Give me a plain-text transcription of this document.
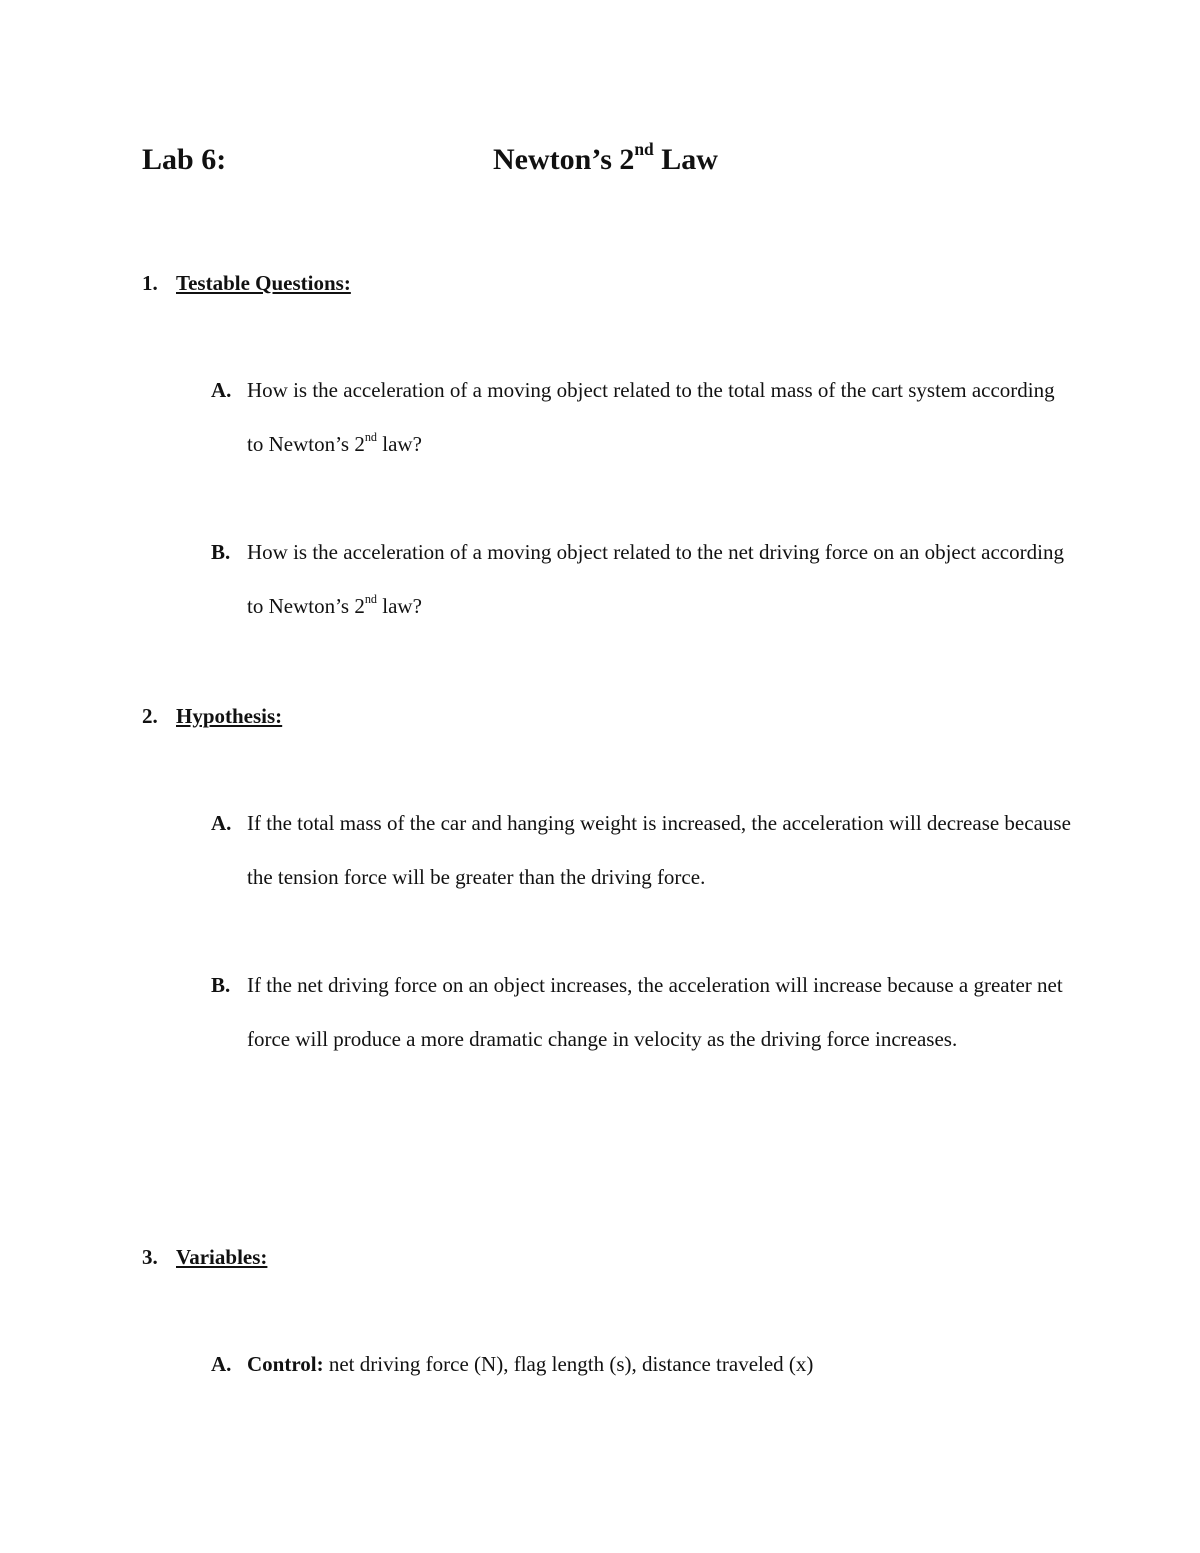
Lab 6:	Newton’s 2nd Law
1. Testable Questions:
A. How is the acceleration of a moving object related to the total mass of the cart system according to Newton’s 2nd law?
B. How is the acceleration of a moving object related to the net driving force on an object according to Newton’s 2nd law?
2. Hypothesis:
A. If the total mass of the car and hanging weight is increased, the acceleration will decrease because the tension force will be greater than the driving force.
B. If the net driving force on an object increases, the acceleration will increase because a greater net force will produce a more dramatic change in velocity as the driving force increases.
3. Variables:
A. Control: net driving force (N), flag length (s), distance traveled (x)
